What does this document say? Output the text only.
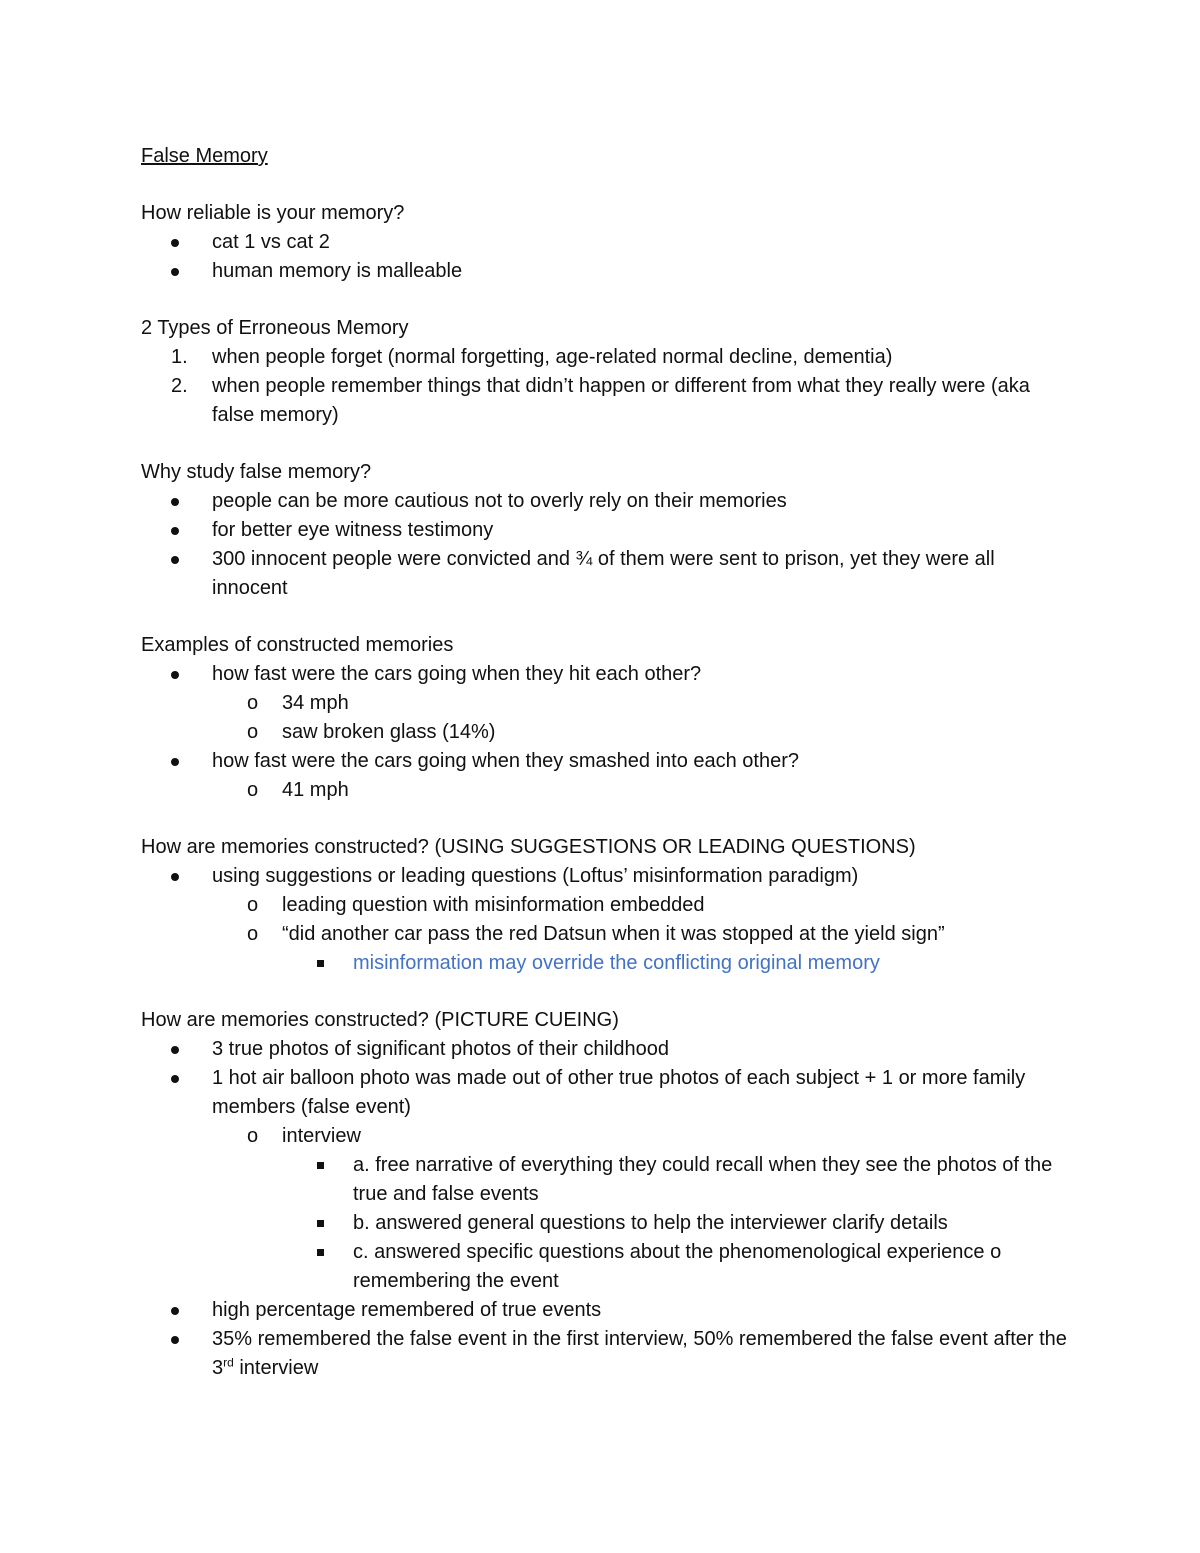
False Memory

How reliable is your memory?

cat 1 vs cat 2
human memory is malleable

2 Types of Erroneous Memory

1. when people forget (normal forgetting, age-related normal decline, dementia)
2. when people remember things that didn’t happen or different from what they really were (aka false memory)

Why study false memory?

people can be more cautious not to overly rely on their memories
for better eye witness testimony
300 innocent people were convicted and ¾ of them were sent to prison, yet they were all innocent

Examples of constructed memories

how fast were the cars going when they hit each other?
o 34 mph
o saw broken glass (14%)
how fast were the cars going when they smashed into each other?
o 41 mph

How are memories constructed? (USING SUGGESTIONS OR LEADING QUESTIONS)

using suggestions or leading questions (Loftus’ misinformation paradigm)
o leading question with misinformation embedded
o “did another car pass the red Datsun when it was stopped at the yield sign”
misinformation may override the conflicting original memory

How are memories constructed? (PICTURE CUEING)

3 true photos of significant photos of their childhood
1 hot air balloon photo was made out of other true photos of each subject + 1 or more family members (false event)
o interview
a. free narrative of everything they could recall when they see the photos of the true and false events
b. answered general questions to help the interviewer clarify details
c. answered specific questions about the phenomenological experience o remembering the event
high percentage remembered of true events
35% remembered the false event in the first interview, 50% remembered the false event after the 3rd interview
